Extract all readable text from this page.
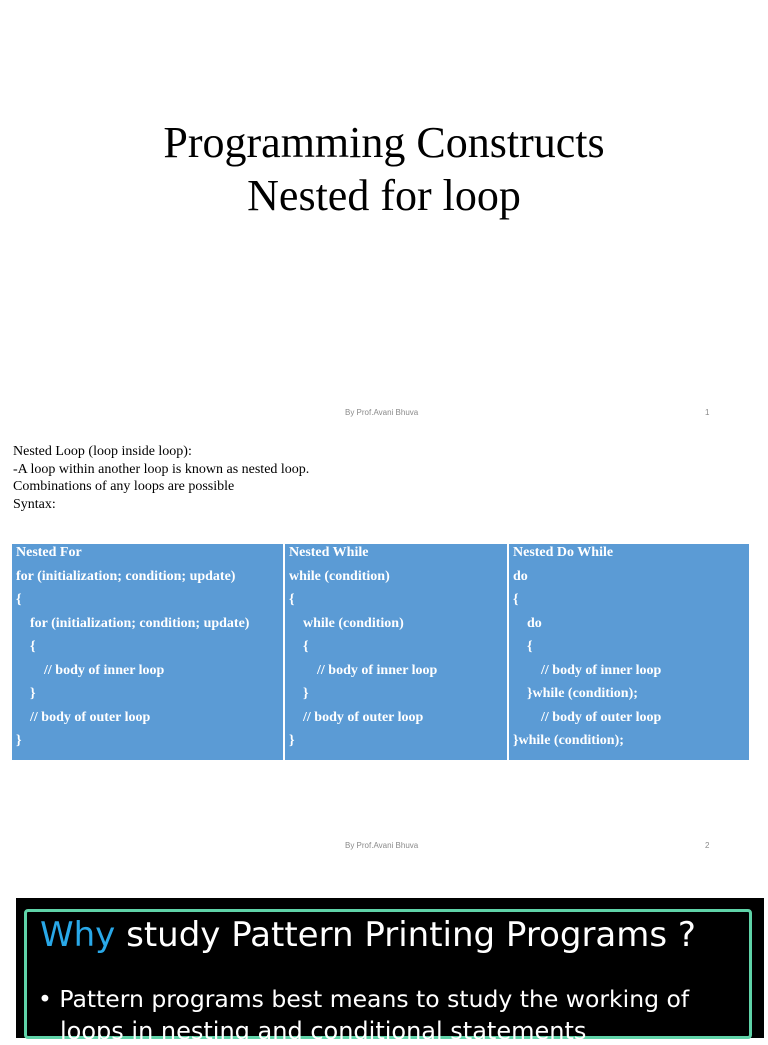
Programming Constructs
Nested for loop
By Prof.Avani Bhuva	1
Nested Loop (loop inside loop):
-A loop within another loop is known as nested loop.
Combinations of any loops are possible
Syntax:
Nested For
for (initialization; condition; update)
{
for (initialization; condition; update)
{
// body of inner loop
}
// body of outer loop
}
Nested While
while (condition)
{
while (condition)
{
// body of inner loop
}
// body of outer loop
}
Nested Do While
do
{
do
{
// body of inner loop
}while (condition);
// body of outer loop
}while (condition);
By Prof.Avani Bhuva	2
Why study Pattern Printing Programs ?
• Pattern programs best means to study the working of
loops in nesting and conditional statements
